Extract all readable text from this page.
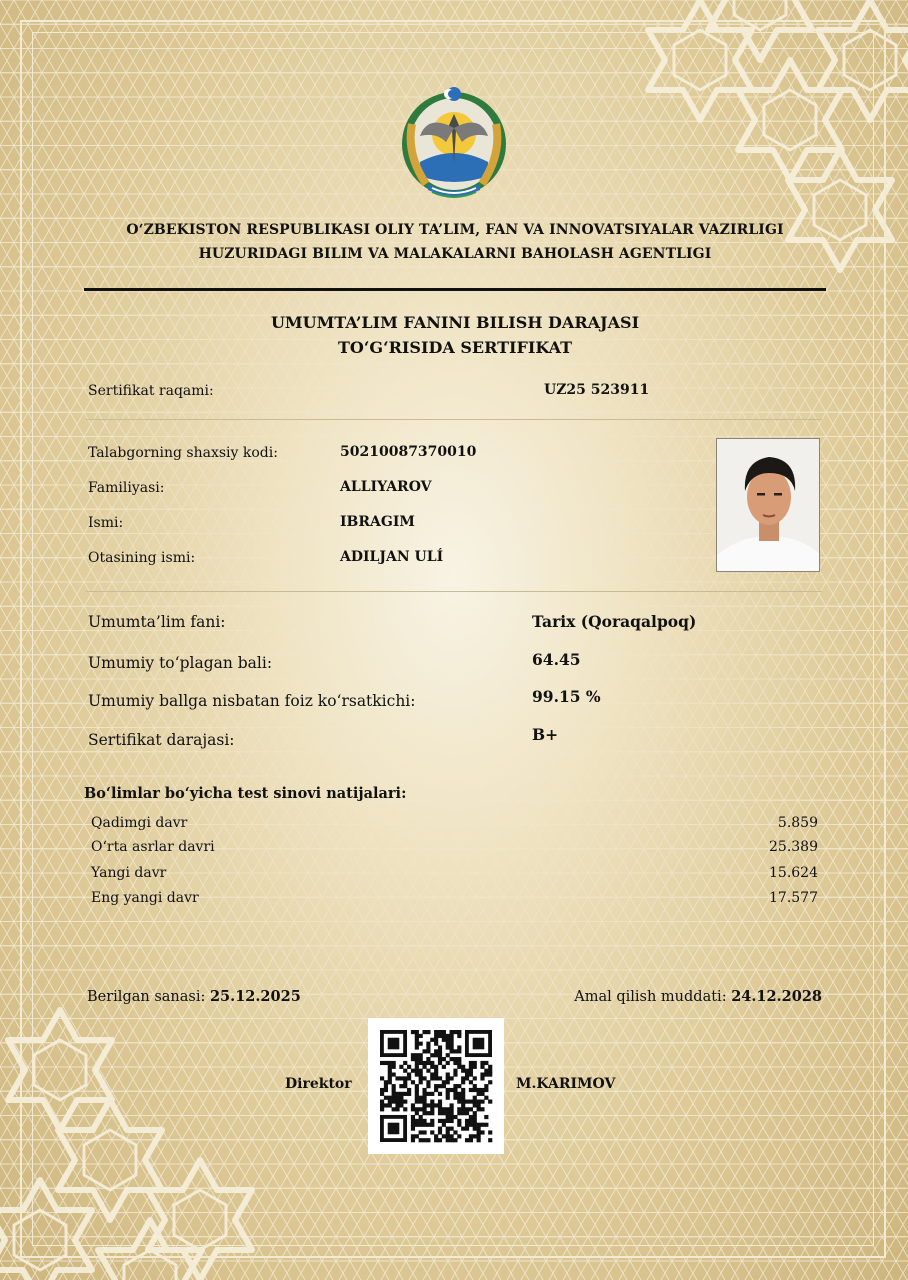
O‘ZBEKISTON RESPUBLIKASI OLIY TA’LIM, FAN VA INNOVATSIYALAR VAZIRLIGI
HUZURIDAGI BILIM VA MALAKALARNI BAHOLASH AGENTLIGI
UMUMTA’LIM FANINI BILISH DARAJASI
TO‘G‘RISIDA SERTIFIKAT
Sertifikat raqami:	UZ25 523911
Talabgorning shaxsiy kodi:	50210087370010
Familiyasi:	ALLIYAROV
Ismi:	IBRAGIM
Otasining ismi:	ADILJAN ULÍ
Umumta’lim fani:	Tarix (Qoraqalpoq)
Umumiy to‘plagan bali:	64.45
Umumiy ballga nisbatan foiz ko‘rsatkichi:	99.15 %
Sertifikat darajasi:	B+
Bo‘limlar bo‘yicha test sinovi natijalari:
Qadimgi davr	5.859
O‘rta asrlar davri	25.389
Yangi davr	15.624
Eng yangi davr	17.577
Berilgan sanasi: 25.12.2025	Amal qilish muddati: 24.12.2028
Direktor	M.KARIMOV
